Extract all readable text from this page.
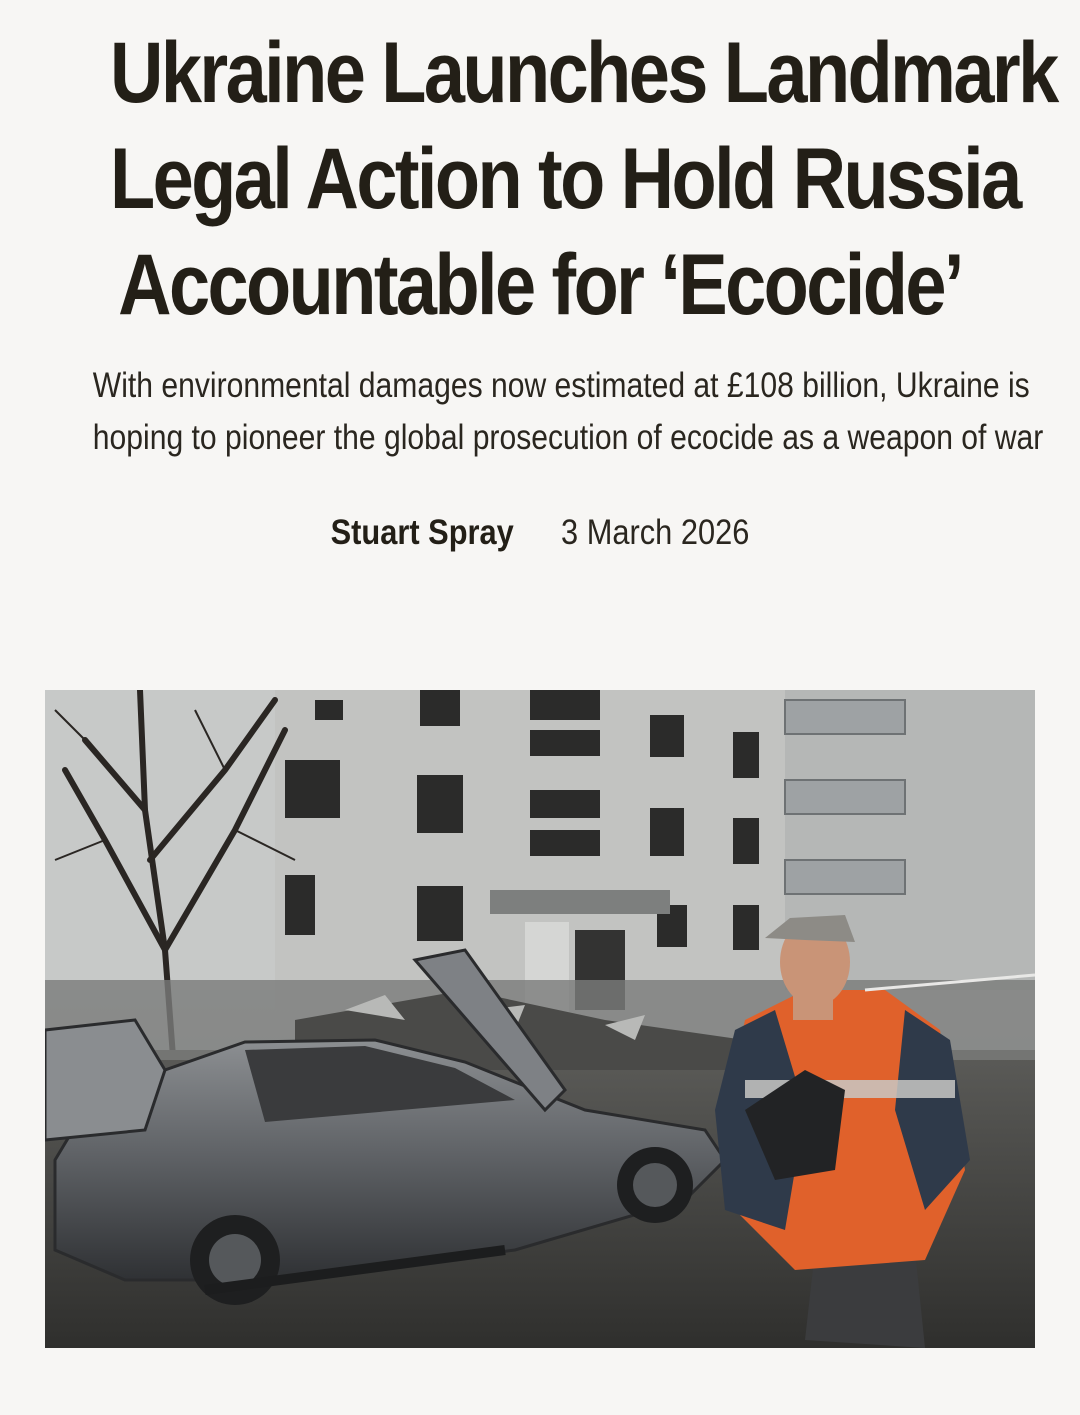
Ukraine Launches Landmark
Legal Action to Hold Russia
Accountable for ‘Ecocide’

With environmental damages now estimated at £108 billion, Ukraine is
hoping to pioneer the global prosecution of ecocide as a weapon of war

Stuart Spray 3 March 2026
